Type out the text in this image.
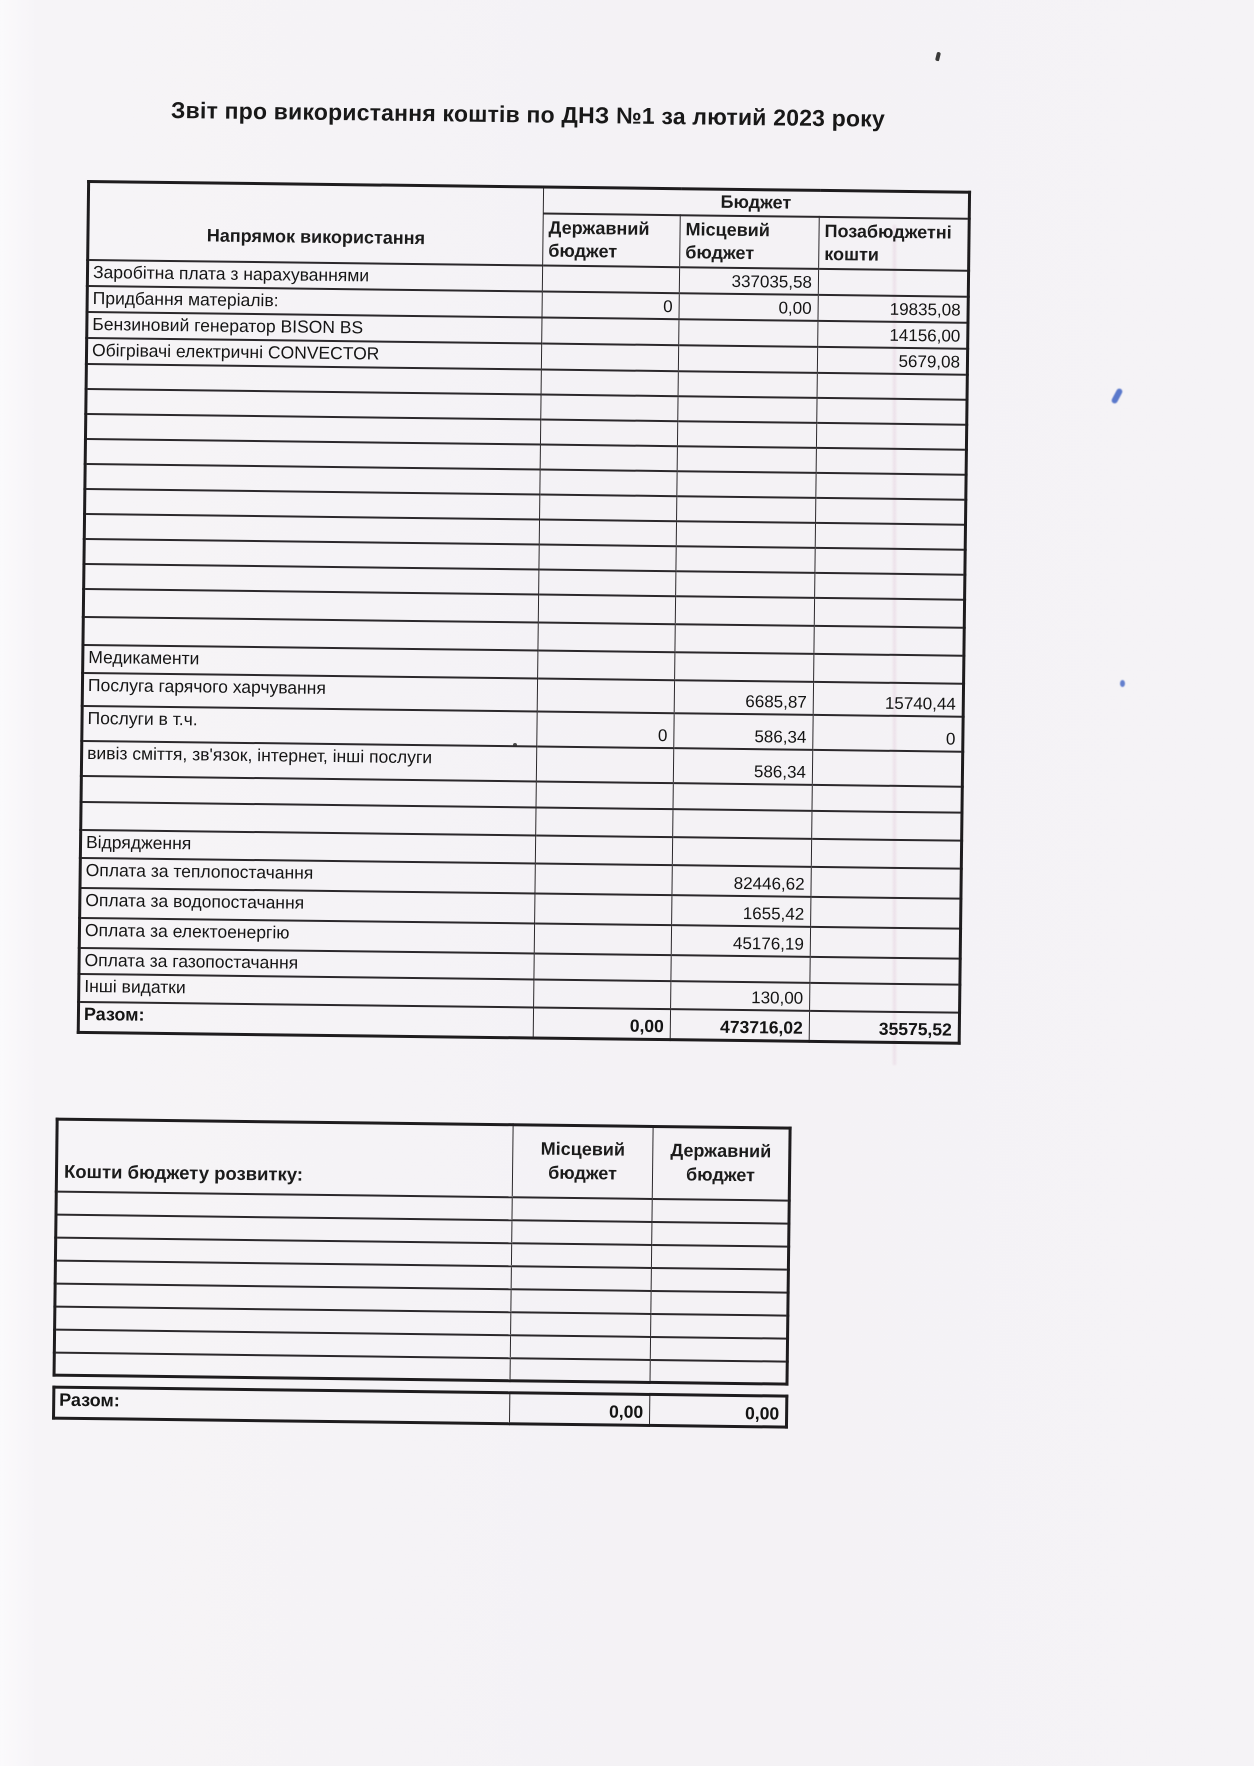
Звіт про використання коштів по ДНЗ №1 за лютий 2023 року
Напрямок використання	Бюджет		
	Державний бюджет	Місцевий бюджет	Позабюджетні кошти
Заробітна плата з нарахуваннями		337035,58	
Придбання матеріалів:	0	0,00	19835,08
Бензиновий генератор BISON BS			14156,00
Обігрівачі електричні CONVECTOR			5679,08

Медикаменти			
Послуга гарячого харчування		6685,87	15740,44
Послуги в т.ч.	0	586,34	0
вивіз сміття, зв'язок, інтернет, інші послуги		586,34	

Відрядження			
Оплата за теплопостачання		82446,62	
Оплата за водопостачання		1655,42	
Оплата за електоенергію		45176,19	
Оплата за газопостачання			
Інші видатки		130,00	
Разом:	0,00	473716,02	35575,52
Кошти бюджету розвитку:	Місцевий бюджет	Державний бюджет

Разом:	0,00	0,00
